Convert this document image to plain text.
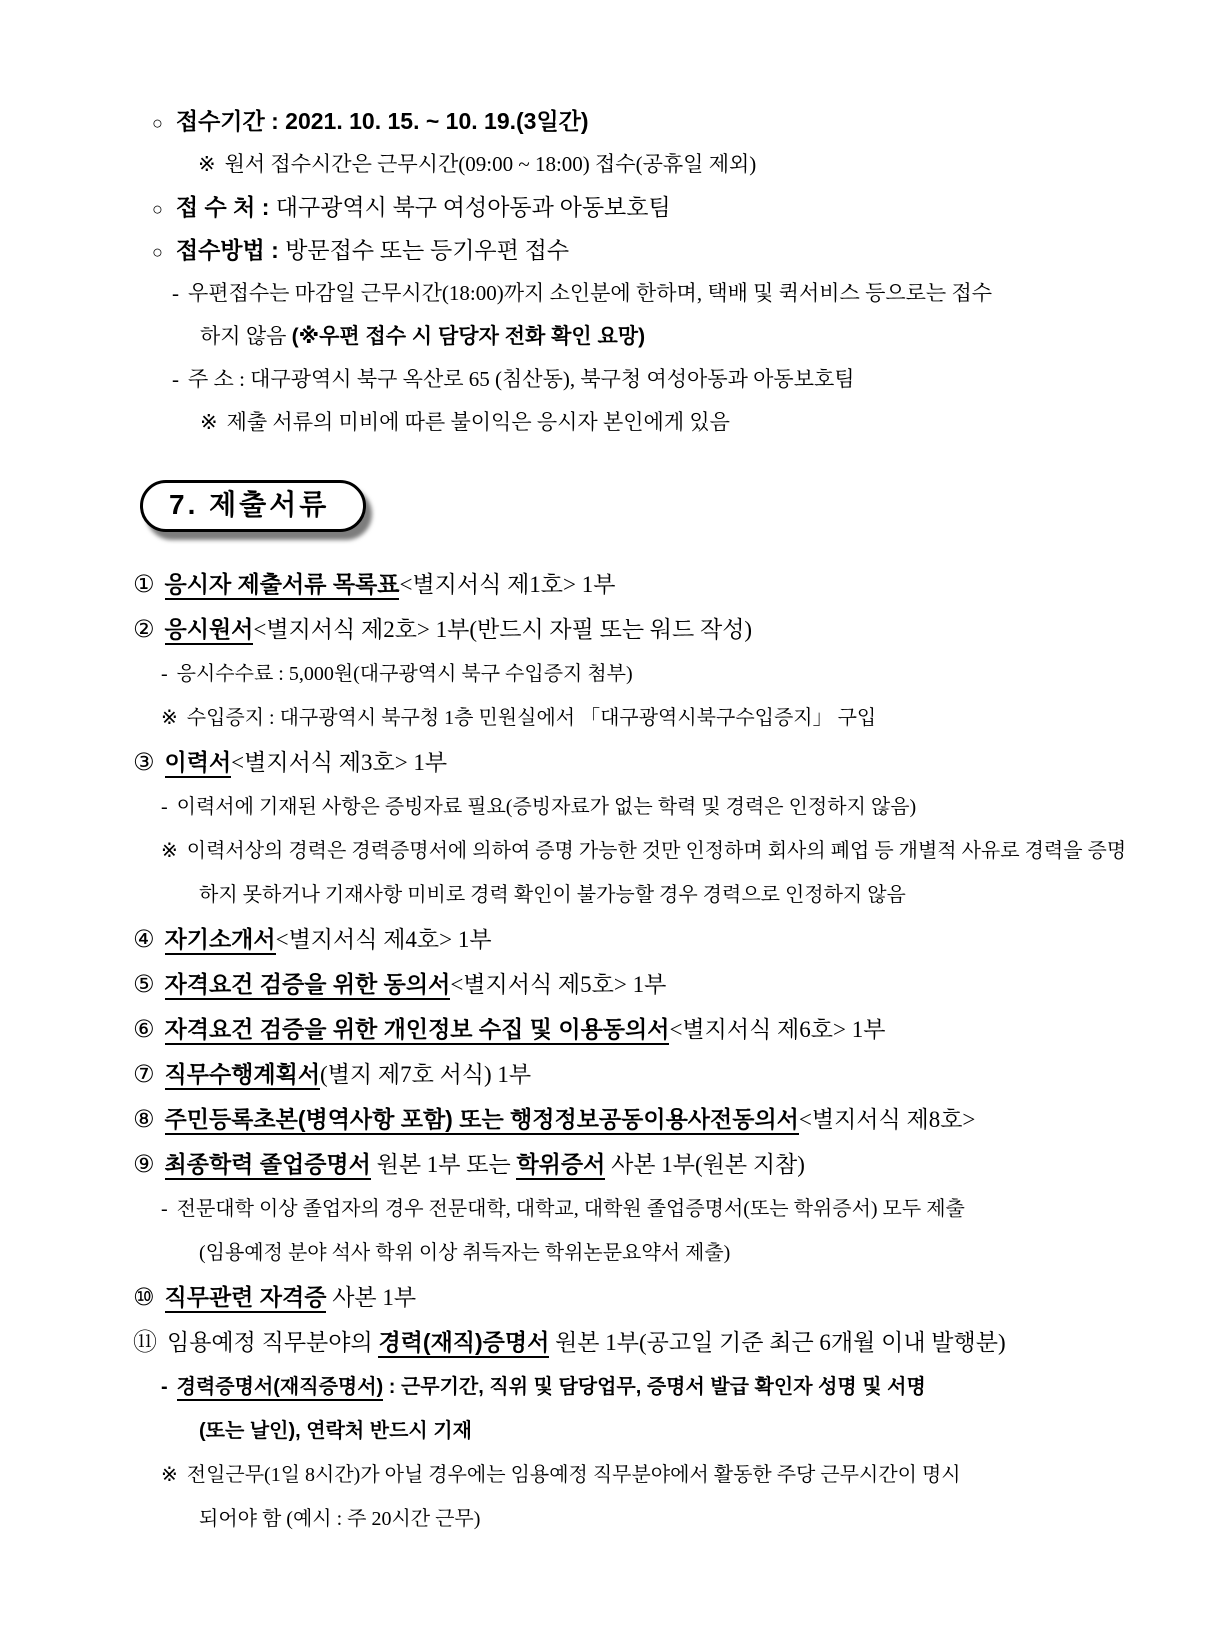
○ 접수기간 : 2021. 10. 15. ~ 10. 19.(3일간)
※ 원서 접수시간은 근무시간(09:00 ~ 18:00) 접수(공휴일 제외)
○ 접 수 처 : 대구광역시 북구 여성아동과 아동보호팀
○ 접수방법 : 방문접수 또는 등기우편 접수
- 우편접수는 마감일 근무시간(18:00)까지 소인분에 한하며, 택배 및 퀵서비스 등으로는 접수
하지 않음 (※우편 접수 시 담당자 전화 확인 요망)
- 주 소 : 대구광역시 북구 옥산로 65 (침산동), 북구청 여성아동과 아동보호팀
※ 제출 서류의 미비에 따른 불이익은 응시자 본인에게 있음
7. 제출서류
① 응시자 제출서류 목록표<별지서식 제1호> 1부
② 응시원서<별지서식 제2호> 1부(반드시 자필 또는 워드 작성)
- 응시수수료 : 5,000원(대구광역시 북구 수입증지 첨부)
※ 수입증지 : 대구광역시 북구청 1층 민원실에서 「대구광역시북구수입증지」 구입
③ 이력서<별지서식 제3호> 1부
- 이력서에 기재된 사항은 증빙자료 필요(증빙자료가 없는 학력 및 경력은 인정하지 않음)
※ 이력서상의 경력은 경력증명서에 의하여 증명 가능한 것만 인정하며 회사의 폐업 등 개별적 사유로 경력을 증명
하지 못하거나 기재사항 미비로 경력 확인이 불가능할 경우 경력으로 인정하지 않음
④ 자기소개서<별지서식 제4호> 1부
⑤ 자격요건 검증을 위한 동의서<별지서식 제5호> 1부
⑥ 자격요건 검증을 위한 개인정보 수집 및 이용동의서<별지서식 제6호> 1부
⑦ 직무수행계획서(별지 제7호 서식) 1부
⑧ 주민등록초본(병역사항 포함) 또는 행정정보공동이용사전동의서<별지서식 제8호>
⑨ 최종학력 졸업증명서 원본 1부 또는 학위증서 사본 1부(원본 지참)
- 전문대학 이상 졸업자의 경우 전문대학, 대학교, 대학원 졸업증명서(또는 학위증서) 모두 제출
(임용예정 분야 석사 학위 이상 취득자는 학위논문요약서 제출)
⑩ 직무관련 자격증 사본 1부
⑪ 임용예정 직무분야의 경력(재직)증명서 원본 1부(공고일 기준 최근 6개월 이내 발행분)
- 경력증명서(재직증명서) : 근무기간, 직위 및 담당업무, 증명서 발급 확인자 성명 및 서명
(또는 날인), 연락처 반드시 기재
※ 전일근무(1일 8시간)가 아닐 경우에는 임용예정 직무분야에서 활동한 주당 근무시간이 명시
되어야 함 (예시 : 주 20시간 근무)
